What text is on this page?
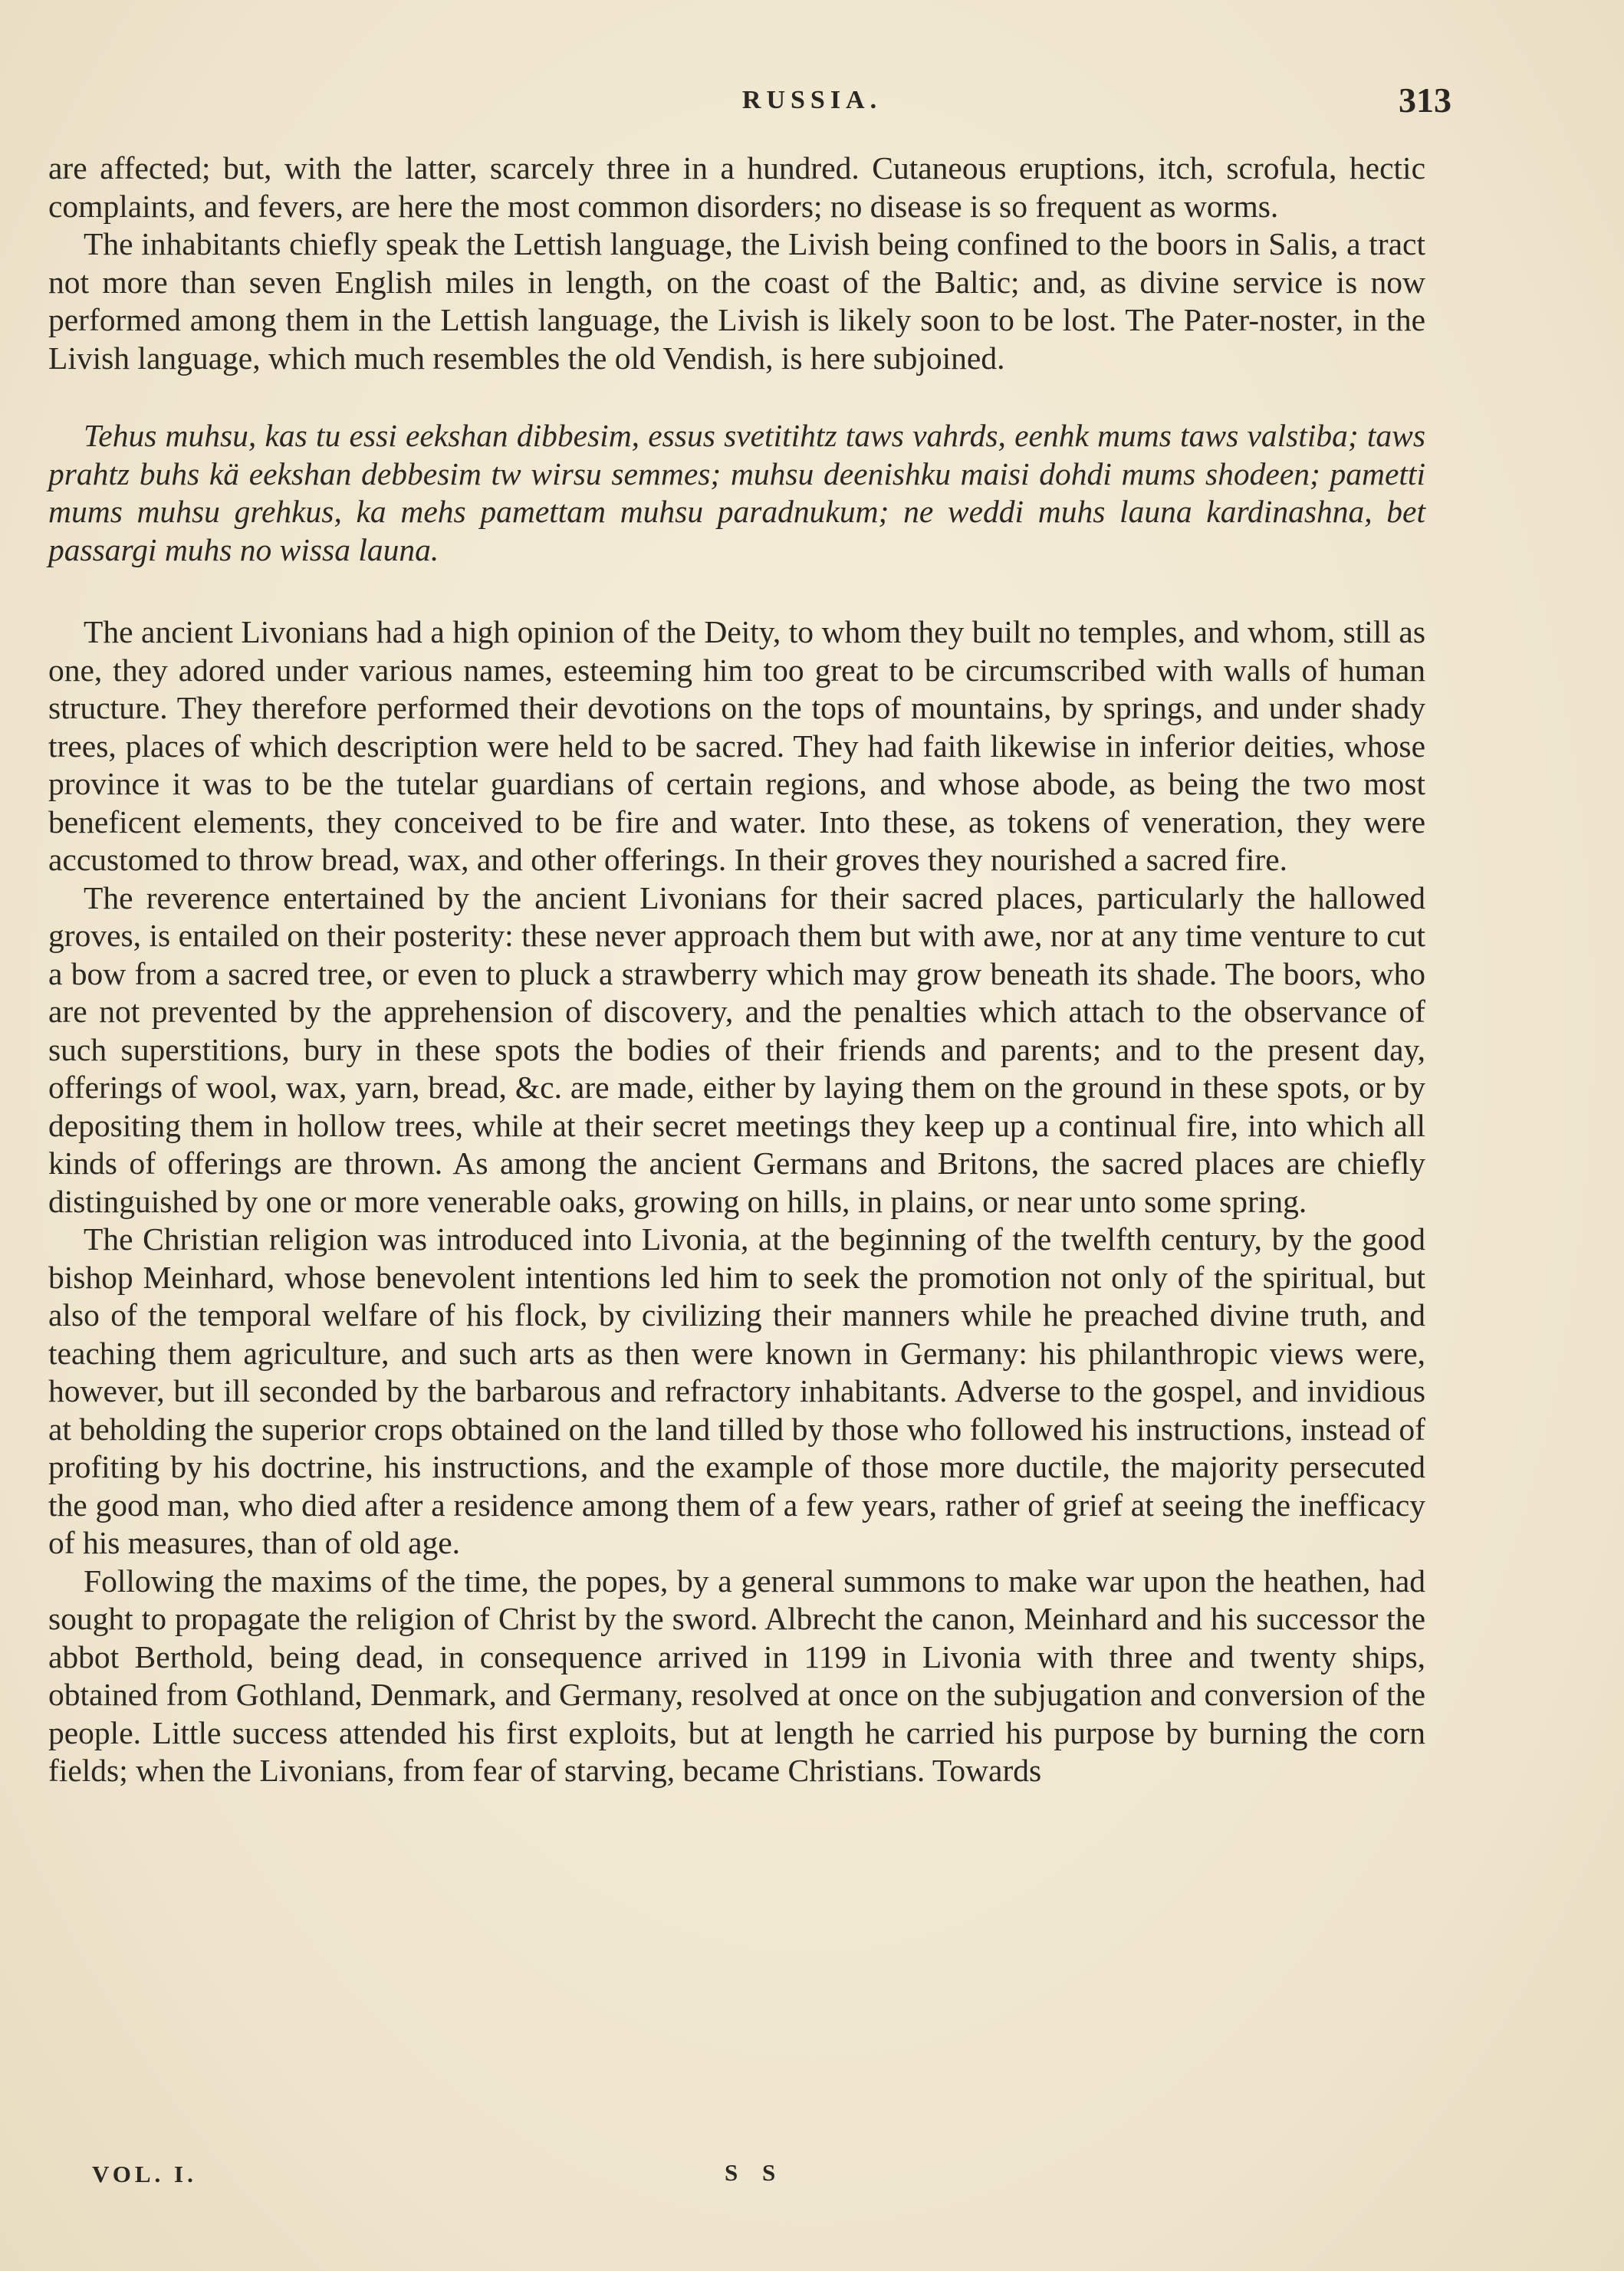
RUSSIA.	313

are affected; but, with the latter, scarcely three in a hundred. Cutaneous eruptions, itch, scrofula, hectic complaints, and fevers, are here the most common disorders; no disease is so frequent as worms.

The inhabitants chiefly speak the Lettish language, the Livish being confined to the boors in Salis, a tract not more than seven English miles in length, on the coast of the Baltic; and, as divine service is now performed among them in the Lettish language, the Livish is likely soon to be lost. The Pater-noster, in the Livish language, which much resembles the old Vendish, is here subjoined.

Tehus muhsu, kas tu essi eekshan dibbesim, essus svetitihtz taws vahrds, eenhk mums taws valstiba; taws prahtz buhs kä eekshan debbesim tw wirsu semmes; muhsu deenishku maisi dohdi mums shodeen; pametti mums muhsu grehkus, ka mehs pamettam muhsu paradnukum; ne weddi muhs launa kardinashna, bet passargi muhs no wissa launa.

The ancient Livonians had a high opinion of the Deity, to whom they built no temples, and whom, still as one, they adored under various names, esteeming him too great to be circumscribed with walls of human structure. They therefore performed their devotions on the tops of mountains, by springs, and under shady trees, places of which description were held to be sacred. They had faith likewise in inferior deities, whose province it was to be the tutelar guardians of certain regions, and whose abode, as being the two most beneficent elements, they conceived to be fire and water. Into these, as tokens of veneration, they were accustomed to throw bread, wax, and other offerings. In their groves they nourished a sacred fire.

The reverence entertained by the ancient Livonians for their sacred places, particularly the hallowed groves, is entailed on their posterity: these never approach them but with awe, nor at any time venture to cut a bow from a sacred tree, or even to pluck a strawberry which may grow beneath its shade. The boors, who are not prevented by the apprehension of discovery, and the penalties which attach to the observance of such superstitions, bury in these spots the bodies of their friends and parents; and to the present day, offerings of wool, wax, yarn, bread, &c. are made, either by laying them on the ground in these spots, or by depositing them in hollow trees, while at their secret meetings they keep up a continual fire, into which all kinds of offerings are thrown. As among the ancient Germans and Britons, the sacred places are chiefly distinguished by one or more venerable oaks, growing on hills, in plains, or near unto some spring.

The Christian religion was introduced into Livonia, at the beginning of the twelfth century, by the good bishop Meinhard, whose benevolent intentions led him to seek the promotion not only of the spiritual, but also of the temporal welfare of his flock, by civilizing their manners while he preached divine truth, and teaching them agriculture, and such arts as then were known in Germany: his philanthropic views were, however, but ill seconded by the barbarous and refractory inhabitants. Adverse to the gospel, and invidious at beholding the superior crops obtained on the land tilled by those who followed his instructions, instead of profiting by his doctrine, his instructions, and the example of those more ductile, the majority persecuted the good man, who died after a residence among them of a few years, rather of grief at seeing the inefficacy of his measures, than of old age.

Following the maxims of the time, the popes, by a general summons to make war upon the heathen, had sought to propagate the religion of Christ by the sword. Albrecht the canon, Meinhard and his successor the abbot Berthold, being dead, in consequence arrived in 1199 in Livonia with three and twenty ships, obtained from Gothland, Denmark, and Germany, resolved at once on the subjugation and conversion of the people. Little success attended his first exploits, but at length he carried his purpose by burning the corn fields; when the Livonians, from fear of starving, became Christians. Towards

VOL. I.	S S
